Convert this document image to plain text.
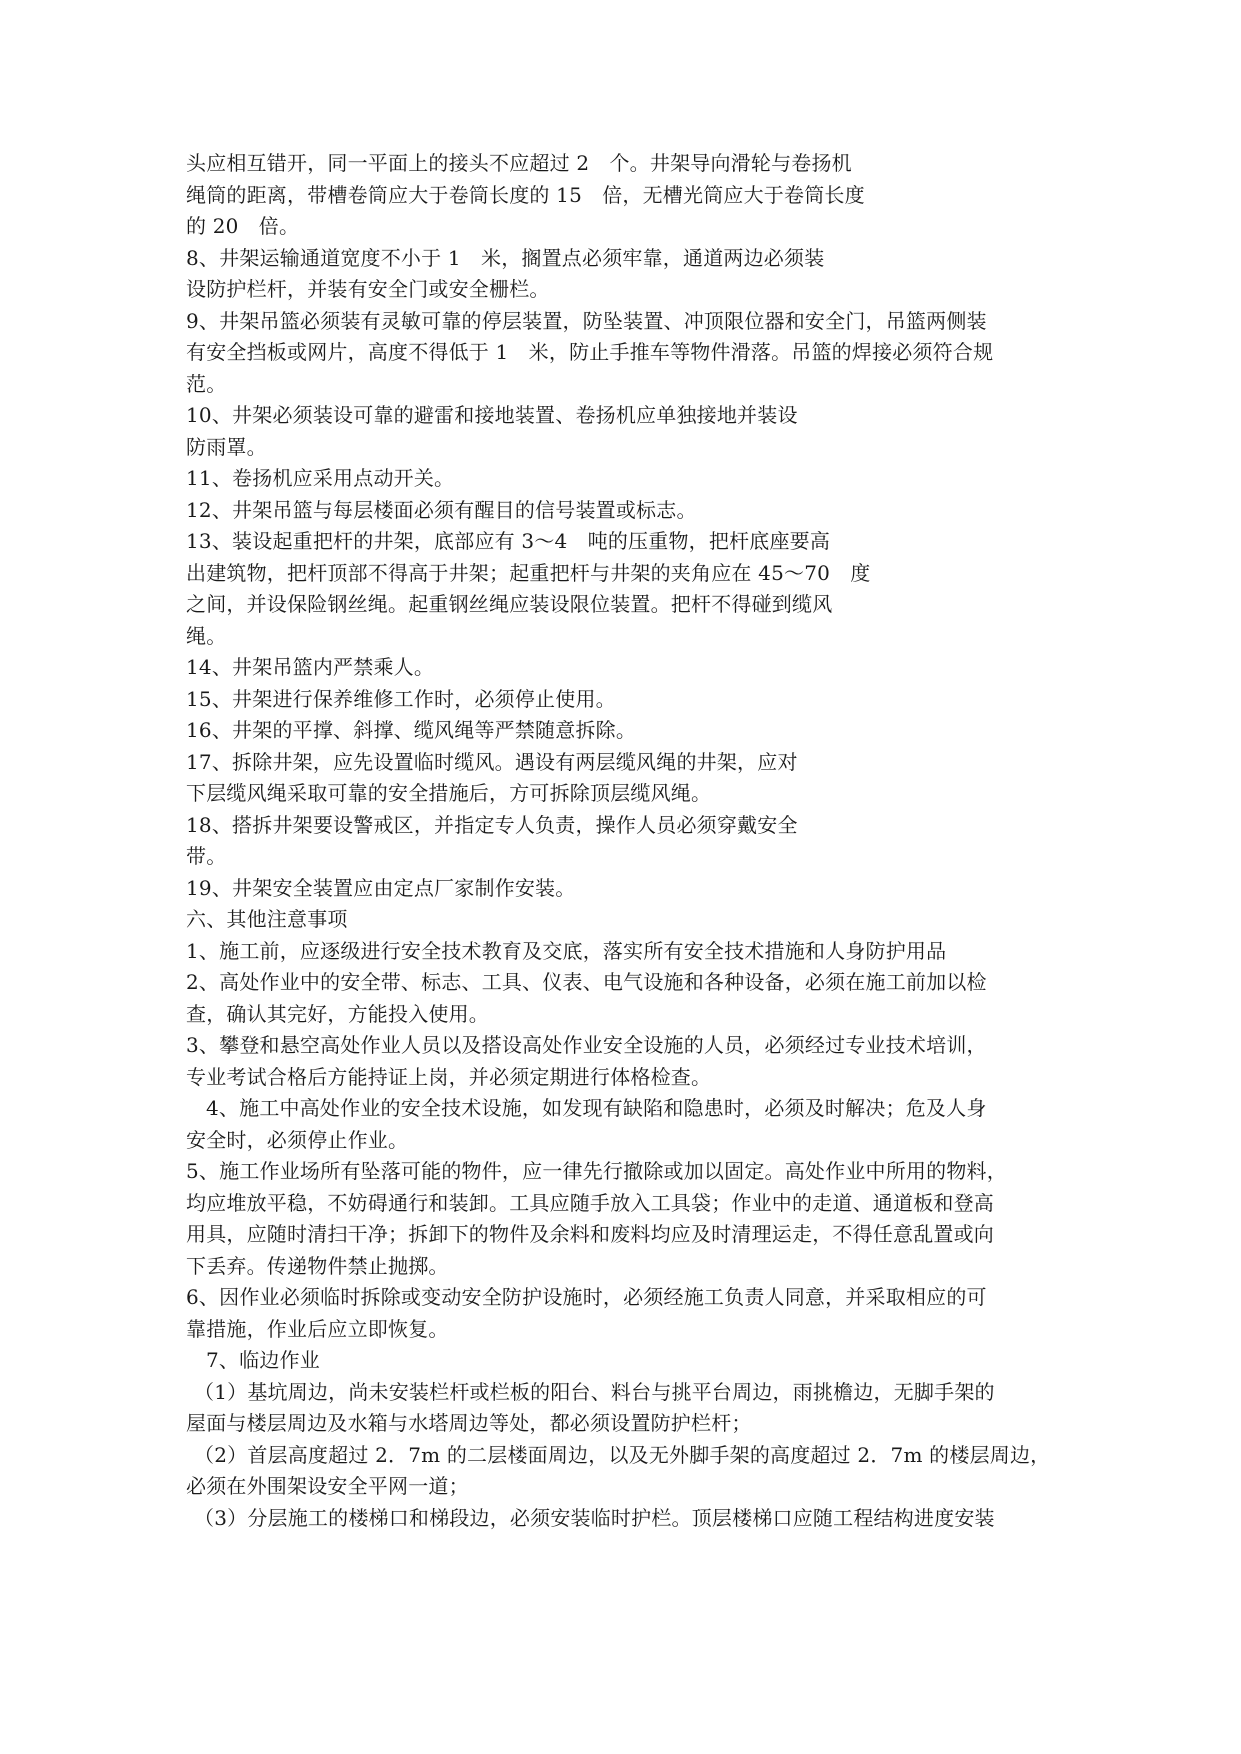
头应相互错开，同一平面上的接头不应超过 2　个。井架导向滑轮与卷扬机
绳筒的距离，带槽卷筒应大于卷筒长度的 15　倍，无槽光筒应大于卷筒长度
的 20　倍。
8、井架运输通道宽度不小于 1　米，搁置点必须牢靠，通道两边必须装
设防护栏杆，并装有安全门或安全栅栏。
9、井架吊篮必须装有灵敏可靠的停层装置，防坠装置、冲顶限位器和安全门，吊篮两侧装
有安全挡板或网片，高度不得低于 1　米，防止手推车等物件滑落。吊篮的焊接必须符合规
范。
10、井架必须装设可靠的避雷和接地装置、卷扬机应单独接地并装设
防雨罩。
11、卷扬机应采用点动开关。
12、井架吊篮与每层楼面必须有醒目的信号装置或标志。
13、装设起重把杆的井架，底部应有 3～4　吨的压重物，把杆底座要高
出建筑物，把杆顶部不得高于井架；起重把杆与井架的夹角应在 45～70　度
之间，并设保险钢丝绳。起重钢丝绳应装设限位装置。把杆不得碰到缆风
绳。
14、井架吊篮内严禁乘人。
15、井架进行保养维修工作时，必须停止使用。
16、井架的平撑、斜撑、缆风绳等严禁随意拆除。
17、拆除井架，应先设置临时缆风。遇设有两层缆风绳的井架，应对
下层缆风绳采取可靠的安全措施后，方可拆除顶层缆风绳。
18、搭拆井架要设警戒区，并指定专人负责，操作人员必须穿戴安全
带。
19、井架安全装置应由定点厂家制作安装。
六、其他注意事项
1、施工前，应逐级进行安全技术教育及交底，落实所有安全技术措施和人身防护用品
2、高处作业中的安全带、标志、工具、仪表、电气设施和各种设备，必须在施工前加以检
查，确认其完好，方能投入使用。
3、攀登和悬空高处作业人员以及搭设高处作业安全设施的人员，必须经过专业技术培训，
专业考试合格后方能持证上岗，并必须定期进行体格检查。
4、施工中高处作业的安全技术设施，如发现有缺陷和隐患时，必须及时解决；危及人身
安全时，必须停止作业。
5、施工作业场所有坠落可能的物件，应一律先行撤除或加以固定。高处作业中所用的物料，
均应堆放平稳，不妨碍通行和装卸。工具应随手放入工具袋；作业中的走道、通道板和登高
用具，应随时清扫干净；拆卸下的物件及余料和废料均应及时清理运走，不得任意乱置或向
下丢弃。传递物件禁止抛掷。
6、因作业必须临时拆除或变动安全防护设施时，必须经施工负责人同意，并采取相应的可
靠措施，作业后应立即恢复。
7、临边作业
（1）基坑周边，尚未安装栏杆或栏板的阳台、料台与挑平台周边，雨挑檐边，无脚手架的
屋面与楼层周边及水箱与水塔周边等处，都必须设置防护栏杆；
（2）首层高度超过 2．7m 的二层楼面周边，以及无外脚手架的高度超过 2．7m 的楼层周边，
必须在外围架设安全平网一道；
（3）分层施工的楼梯口和梯段边，必须安装临时护栏。顶层楼梯口应随工程结构进度安装
